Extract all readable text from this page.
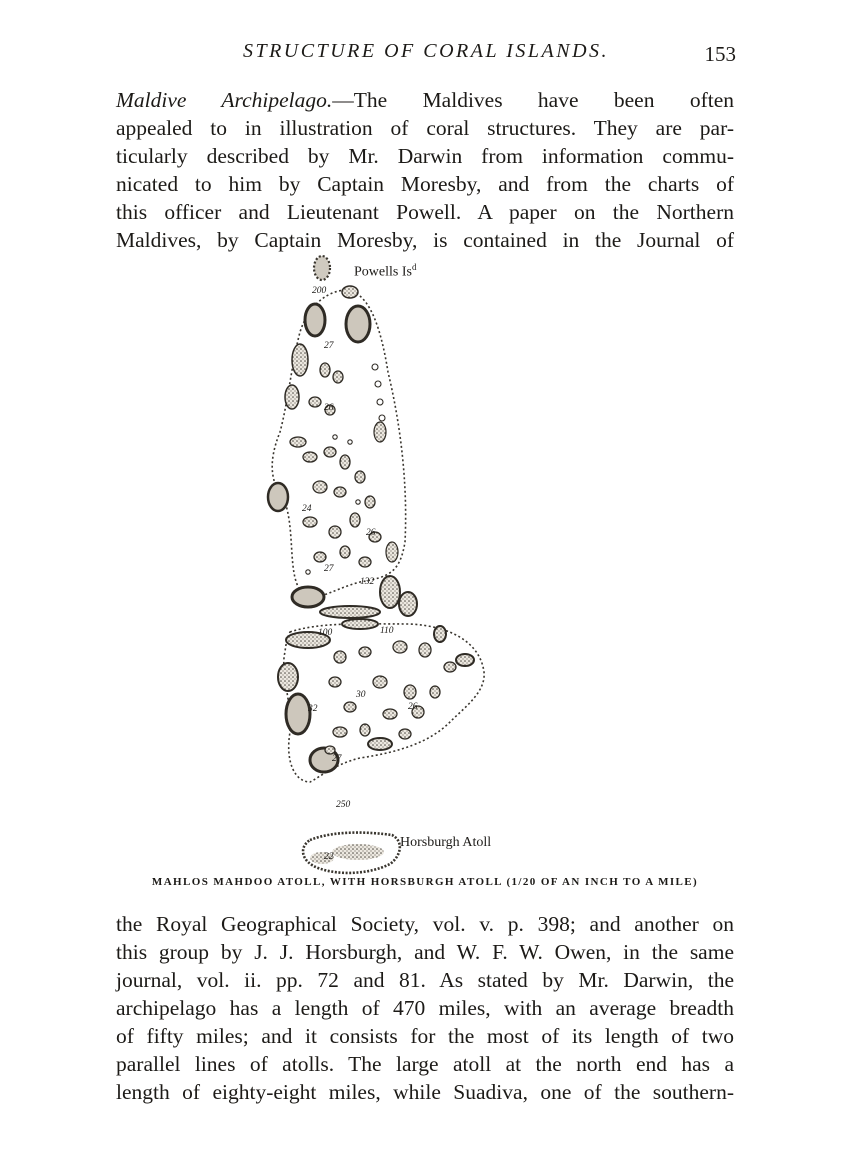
STRUCTURE OF CORAL ISLANDS.	153
Maldive Archipelago.—The Maldives have been often
appealed to in illustration of coral structures. They are par-
ticularly described by Mr. Darwin from information commu-
nicated to him by Captain Moresby, and from the charts of
this officer and Lieutenant Powell. A paper on the Northern
Maldives, by Captain Moresby, is contained in the Journal of
Powells Is$^d$
Horsburgh Atoll
200
27
26
24
26
27
132
100	110
30
32	26
27
250
22
MAHLOS MAHDOO ATOLL, WITH HORSBURGH ATOLL (1/20 OF AN INCH TO A MILE)
the Royal Geographical Society, vol. v. p. 398; and another on
this group by J. J. Horsburgh, and W. F. W. Owen, in the same
journal, vol. ii. pp. 72 and 81. As stated by Mr. Darwin, the
archipelago has a length of 470 miles, with an average breadth
of fifty miles; and it consists for the most of its length of two
parallel lines of atolls. The large atoll at the north end has a
length of eighty-eight miles, while Suadiva, one of the southern-
